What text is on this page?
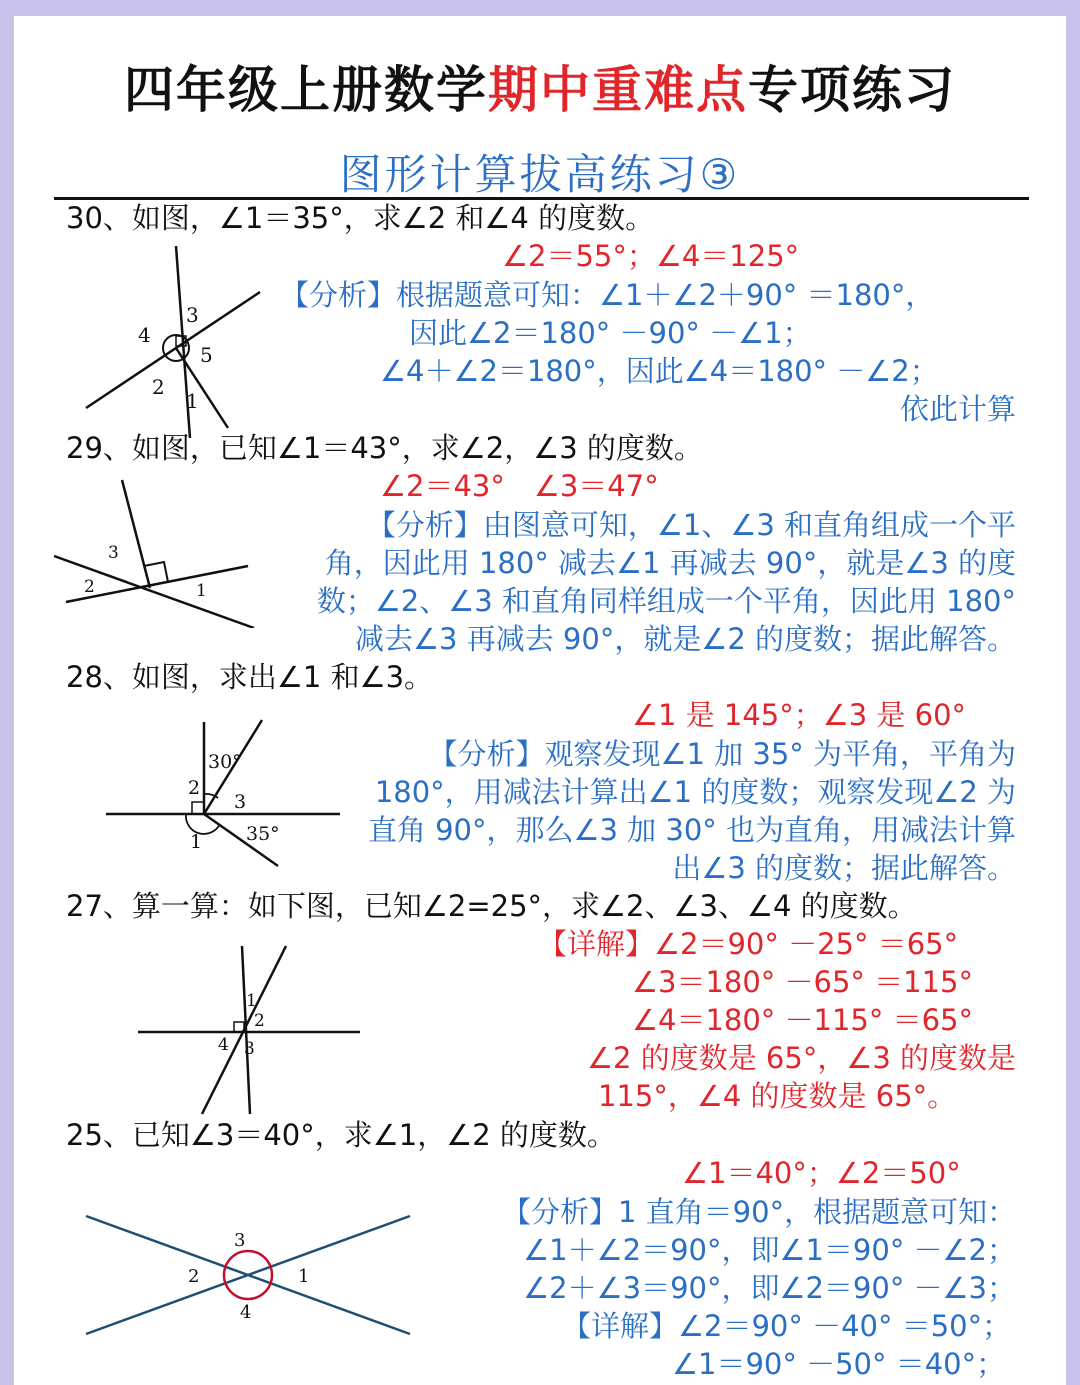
四年级上册数学期中重难点专项练习
图形计算拔高练习③
30、如图，∠1＝35°，求∠2 和∠4 的度数。
∠2＝55°；∠4＝125°
【分析】根据题意可知：∠1＋∠2＋90° ＝180°，
因此∠2＝180° －90° －∠1；
∠4＋∠2＝180°，因此∠4＝180° －∠2；
依此计算
4
3
5
2
1
29、如图，已知∠1＝43°，求∠2，∠3 的度数。
∠2＝43°　∠3＝47°
【分析】由图意可知，∠1、∠3 和直角组成一个平
角，因此用 180° 减去∠1 再减去 90°，就是∠3 的度
数；∠2、∠3 和直角同样组成一个平角，因此用 180°
减去∠3 再减去 90°，就是∠2 的度数；据此解答。
3
2	1
28、如图，求出∠1 和∠3。
∠1 是 145°；∠3 是 60°
【分析】观察发现∠1 加 35° 为平角，平角为
180°，用减法计算出∠1 的度数；观察发现∠2 为
直角 90°，那么∠3 加 30° 也为直角，用减法计算
出∠3 的度数；据此解答。
30°
2
3
35°
1
27、算一算：如下图，已知∠2=25°，求∠2、∠3、∠4 的度数。
【详解】∠2＝90° －25° ＝65°
∠3＝180° －65° ＝115°
∠4＝180° －115° ＝65°
∠2 的度数是 65°，∠3 的度数是
115°，∠4 的度数是 65°。
1
2
4 3
25、已知∠3＝40°，求∠1，∠2 的度数。
∠1＝40°；∠2＝50°
【分析】1 直角＝90°，根据题意可知：
∠1＋∠2＝90°，即∠1＝90° －∠2；
∠2＋∠3＝90°，即∠2＝90° －∠3；
【详解】∠2＝90° －40° ＝50°；
∠1＝90° －50° ＝40°；
3
2	1
4
